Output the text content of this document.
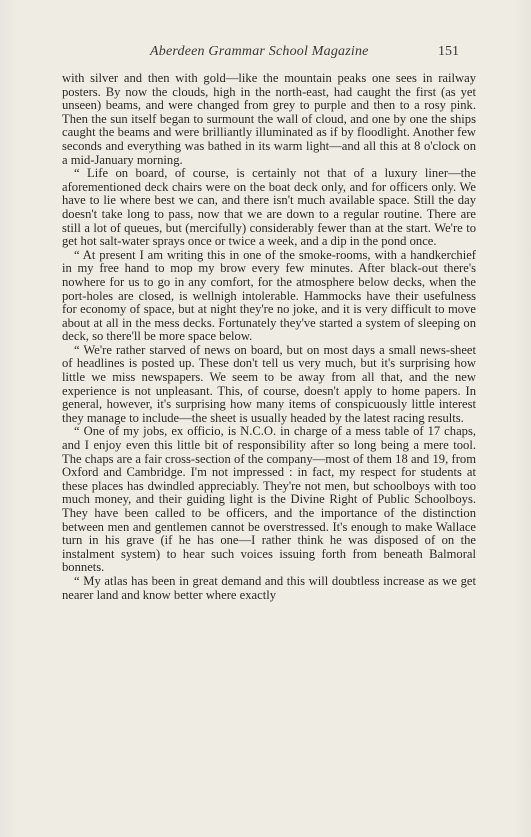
Aberdeen Grammar School Magazine	151

with silver and then with gold—like the mountain peaks one sees in railway posters. By now the clouds, high in the north-east, had caught the first (as yet unseen) beams, and were changed from grey to purple and then to a rosy pink. Then the sun itself began to surmount the wall of cloud, and one by one the ships caught the beams and were brilliantly illuminated as if by floodlight. Another few seconds and everything was bathed in its warm light—and all this at 8 o'clock on a mid-January morning.

“ Life on board, of course, is certainly not that of a luxury liner—the aforementioned deck chairs were on the boat deck only, and for officers only. We have to lie where best we can, and there isn't much available space. Still the day doesn't take long to pass, now that we are down to a regular routine. There are still a lot of queues, but (mercifully) considerably fewer than at the start. We're to get hot salt-water sprays once or twice a week, and a dip in the pond once.

“ At present I am writing this in one of the smoke-rooms, with a handkerchief in my free hand to mop my brow every few minutes. After black-out there's nowhere for us to go in any comfort, for the atmosphere below decks, when the port-holes are closed, is wellnigh intolerable. Hammocks have their usefulness for economy of space, but at night they're no joke, and it is very difficult to move about at all in the mess decks. Fortunately they've started a system of sleeping on deck, so there'll be more space below.

“ We're rather starved of news on board, but on most days a small news-sheet of headlines is posted up. These don't tell us very much, but it's surprising how little we miss newspapers. We seem to be away from all that, and the new experience is not unpleasant. This, of course, doesn't apply to home papers. In general, however, it's surprising how many items of conspicuously little interest they manage to include—the sheet is usually headed by the latest racing results.

“ One of my jobs, ex officio, is N.C.O. in charge of a mess table of 17 chaps, and I enjoy even this little bit of responsibility after so long being a mere tool. The chaps are a fair cross-section of the company—most of them 18 and 19, from Oxford and Cambridge. I'm not impressed : in fact, my respect for students at these places has dwindled appreciably. They're not men, but schoolboys with too much money, and their guiding light is the Divine Right of Public Schoolboys. They have been called to be officers, and the importance of the distinction between men and gentlemen cannot be overstressed. It's enough to make Wallace turn in his grave (if he has one—I rather think he was disposed of on the instalment system) to hear such voices issuing forth from beneath Balmoral bonnets.

“ My atlas has been in great demand and this will doubtless increase as we get nearer land and know better where exactly
